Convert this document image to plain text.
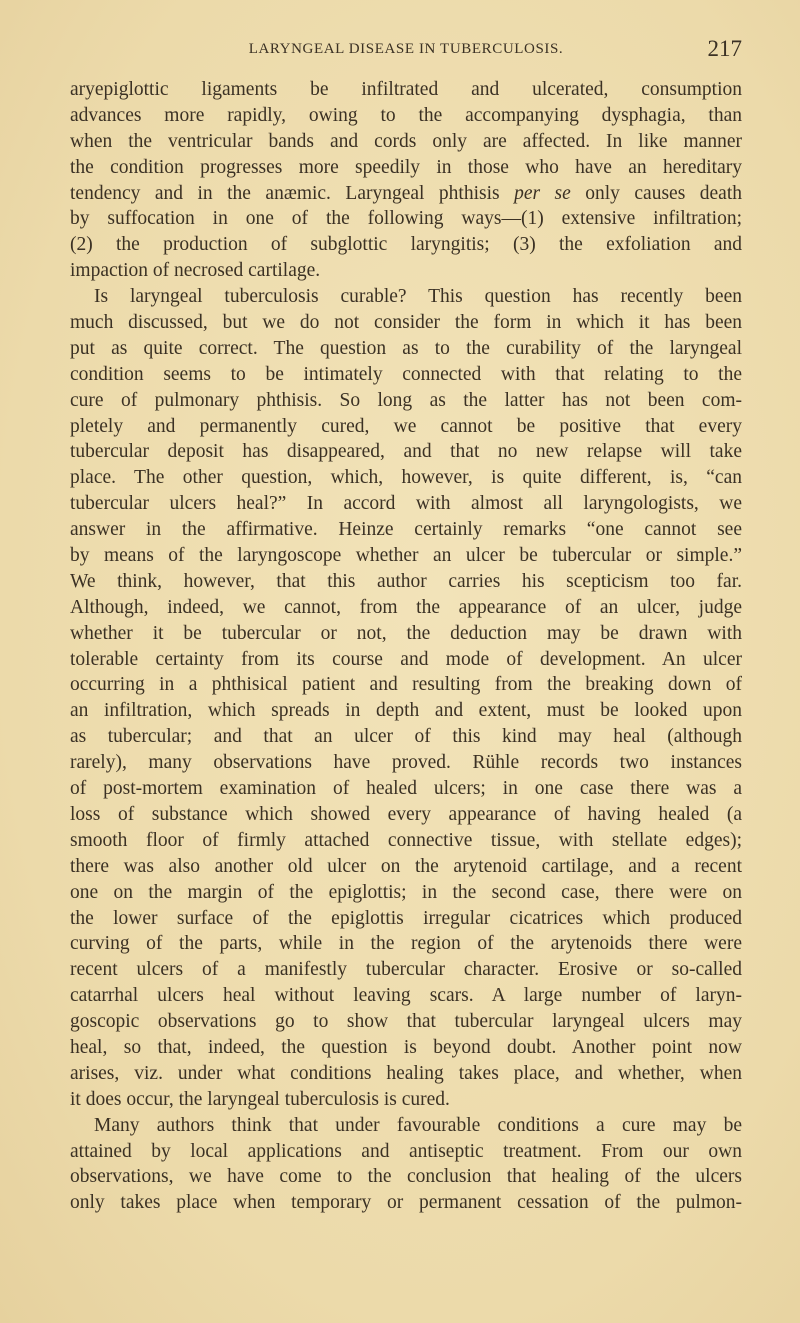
LARYNGEAL DISEASE IN TUBERCULOSIS.	217
aryepiglottic ligaments be infiltrated and ulcerated, consumption
advances more rapidly, owing to the accompanying dysphagia, than
when the ventricular bands and cords only are affected. In like manner
the condition progresses more speedily in those who have an hereditary
tendency and in the anæmic. Laryngeal phthisis per se only causes death
by suffocation in one of the following ways—(1) extensive infiltration;
(2) the production of subglottic laryngitis; (3) the exfoliation and
impaction of necrosed cartilage.
Is laryngeal tuberculosis curable? This question has recently been
much discussed, but we do not consider the form in which it has been
put as quite correct. The question as to the curability of the laryngeal
condition seems to be intimately connected with that relating to the
cure of pulmonary phthisis. So long as the latter has not been com-
pletely and permanently cured, we cannot be positive that every
tubercular deposit has disappeared, and that no new relapse will take
place. The other question, which, however, is quite different, is, “can
tubercular ulcers heal?” In accord with almost all laryngologists, we
answer in the affirmative. Heinze certainly remarks “one cannot see
by means of the laryngoscope whether an ulcer be tubercular or simple.”
We think, however, that this author carries his scepticism too far.
Although, indeed, we cannot, from the appearance of an ulcer, judge
whether it be tubercular or not, the deduction may be drawn with
tolerable certainty from its course and mode of development. An ulcer
occurring in a phthisical patient and resulting from the breaking down of
an infiltration, which spreads in depth and extent, must be looked upon
as tubercular; and that an ulcer of this kind may heal (although
rarely), many observations have proved. Rühle records two instances
of post-mortem examination of healed ulcers; in one case there was a
loss of substance which showed every appearance of having healed (a
smooth floor of firmly attached connective tissue, with stellate edges);
there was also another old ulcer on the arytenoid cartilage, and a recent
one on the margin of the epiglottis; in the second case, there were on
the lower surface of the epiglottis irregular cicatrices which produced
curving of the parts, while in the region of the arytenoids there were
recent ulcers of a manifestly tubercular character. Erosive or so-called
catarrhal ulcers heal without leaving scars. A large number of laryn-
goscopic observations go to show that tubercular laryngeal ulcers may
heal, so that, indeed, the question is beyond doubt. Another point now
arises, viz. under what conditions healing takes place, and whether, when
it does occur, the laryngeal tuberculosis is cured.
Many authors think that under favourable conditions a cure may be
attained by local applications and antiseptic treatment. From our own
observations, we have come to the conclusion that healing of the ulcers
only takes place when temporary or permanent cessation of the pulmon-
